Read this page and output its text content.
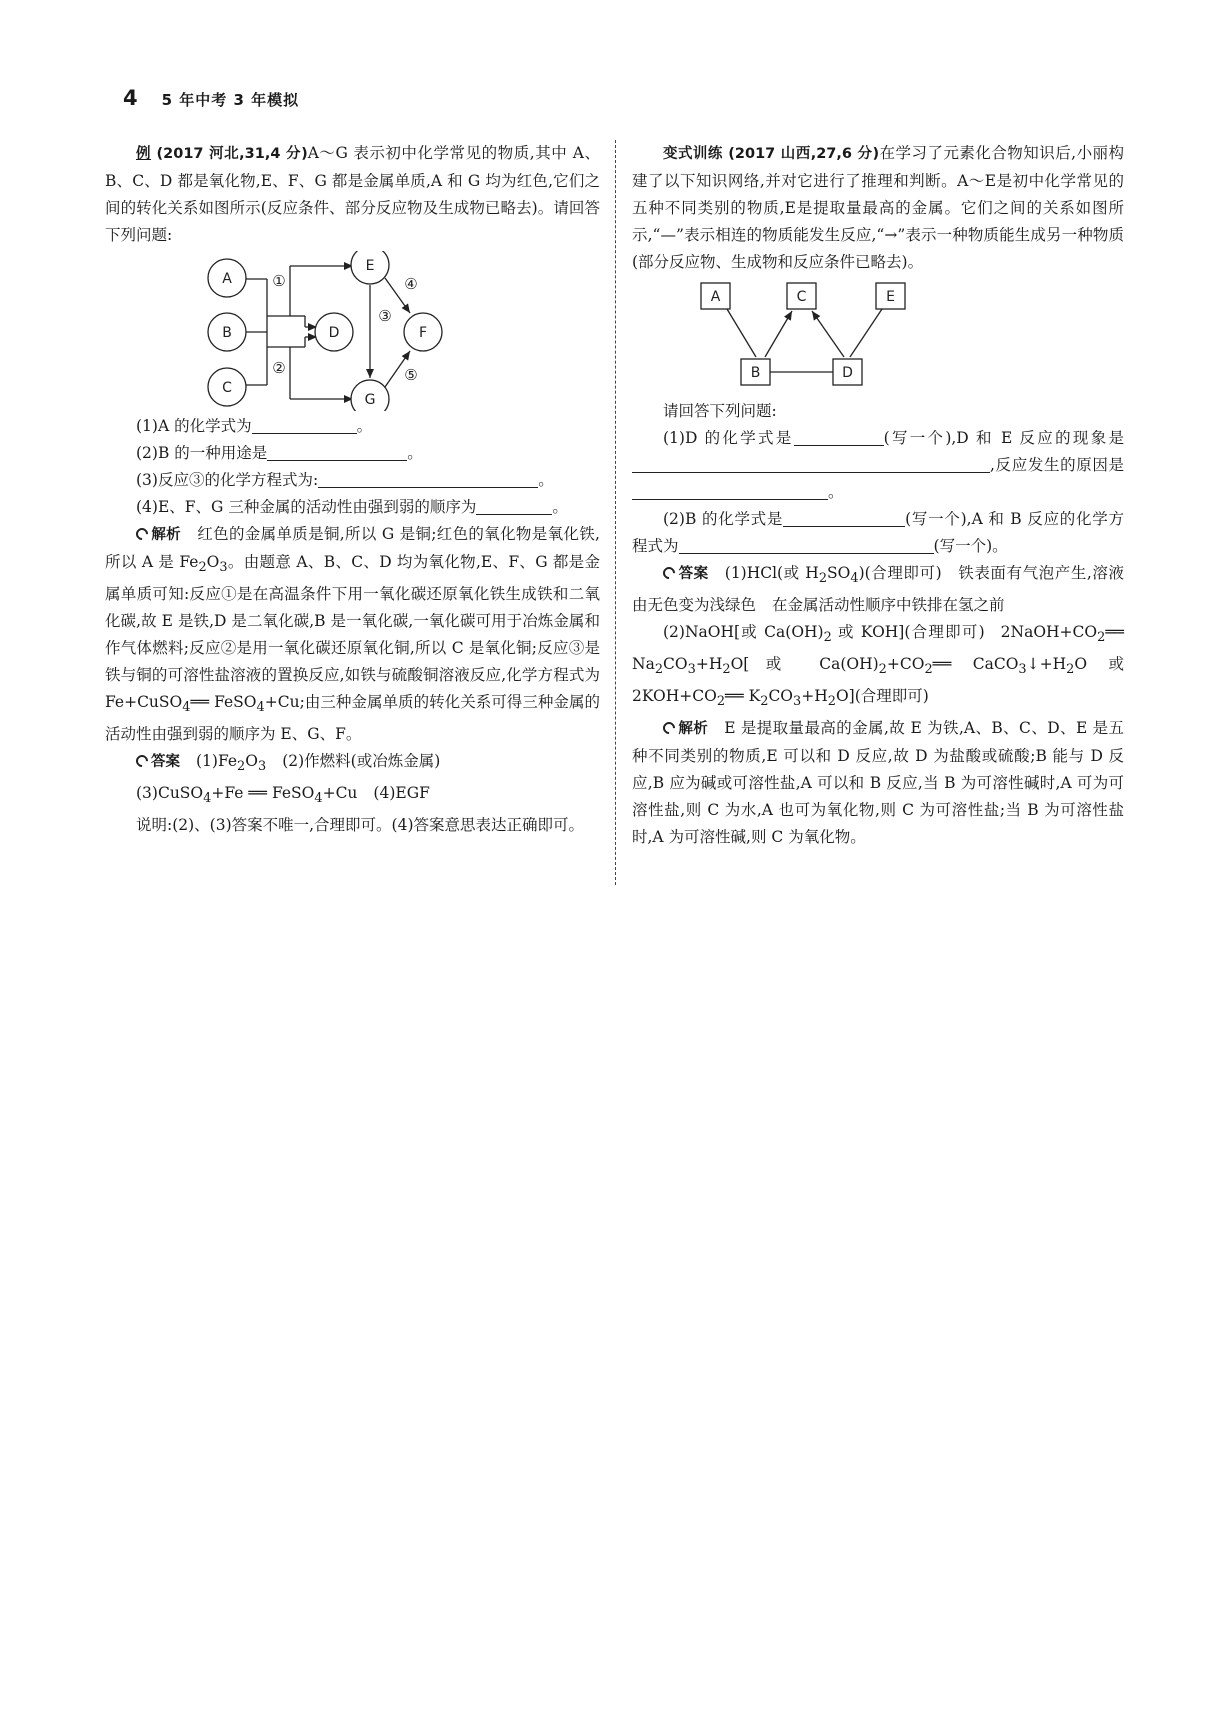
4 5 年中考 3 年模拟

例 (2017 河北,31,4 分)A～G 表示初中化学常见的物质,其中 A、B、C、D 都是氧化物,E、F、G 都是金属单质,A 和 G 均为红色,它们之间的转化关系如图所示(反应条件、部分反应物及生成物已略去)。请回答下列问题:

A
B
C
D
E
F
G
①
②
③
④
⑤

(1)A 的化学式为	。

(2)B 的一种用途是	。

(3)反应③的化学方程式为:	。

(4)E、F、G 三种金属的活动性由强到弱的顺序为	。

解析 红色的金属单质是铜,所以 G 是铜;红色的氧化物是氧化铁,所以 A 是 $Fe_2O_3$。由题意 A、B、C、D 均为氧化物,E、F、G 都是金属单质可知:反应①是在高温条件下用一氧化碳还原氧化铁生成铁和二氧化碳,故 E 是铁,D 是二氧化碳,B 是一氧化碳,一氧化碳可用于冶炼金属和作气体燃料;反应②是用一氧化碳还原氧化铜,所以 C 是氧化铜;反应③是铁与铜的可溶性盐溶液的置换反应,如铁与硫酸铜溶液反应,化学方程式为 Fe+CuSO$_4$══ FeSO$_4$+Cu;由三种金属单质的转化关系可得三种金属的活动性由强到弱的顺序为 E、G、F。

答案 $(1)Fe_2O_3$ (2)作燃料(或冶炼金属)

(3)CuSO$_4$+Fe ══ FeSO$_4$+Cu (4)EGF

说明:(2)、(3)答案不唯一,合理即可。(4)答案意思表达正确即可。

变式训练 (2017 山西,27,6 分)在学习了元素化合物知识后,小丽构建了以下知识网络,并对它进行了推理和判断。A～E是初中化学常见的五种不同类别的物质,E是提取量最高的金属。它们之间的关系如图所示,“—”表示相连的物质能发生反应,“→”表示一种物质能生成另一种物质(部分反应物、生成物和反应条件已略去)。

A	C	E
B	D

请回答下列问题:

(1)D 的化学式是	(写一个),D 和 E 反应的现象是,反应发生的原因是。

(2)B 的化学式是	(写一个),A 和 B 反应的化学方程式为	(写一个)。

答案 (1)HCl(或 $H_2SO_4$)(合理即可) 铁表面有气泡产生,溶液由无色变为浅绿色 在金属活动性顺序中铁排在氢之前

(2)NaOH[或 $Ca(OH)_2$ 或 KOH](合理即可) $2NaOH+CO_2══$ $Na_2CO_3+H_2O$[或 $Ca(OH)_2+CO_2══$ $CaCO_3↓+H_2O$ 或 $2KOH+CO_2══$ $K_2CO_3+H_2O$](合理即可)

解析 E 是提取量最高的金属,故 E 为铁,A、B、C、D、E 是五种不同类别的物质,E 可以和 D 反应,故 D 为盐酸或硫酸;B 能与 D 反应,B 应为碱或可溶性盐,A 可以和 B 反应,当 B 为可溶性碱时,A 可为可溶性盐,则 C 为水,A 也可为氧化物,则 C 为可溶性盐;当 B 为可溶性盐时,A 为可溶性碱,则 C 为氧化物。
